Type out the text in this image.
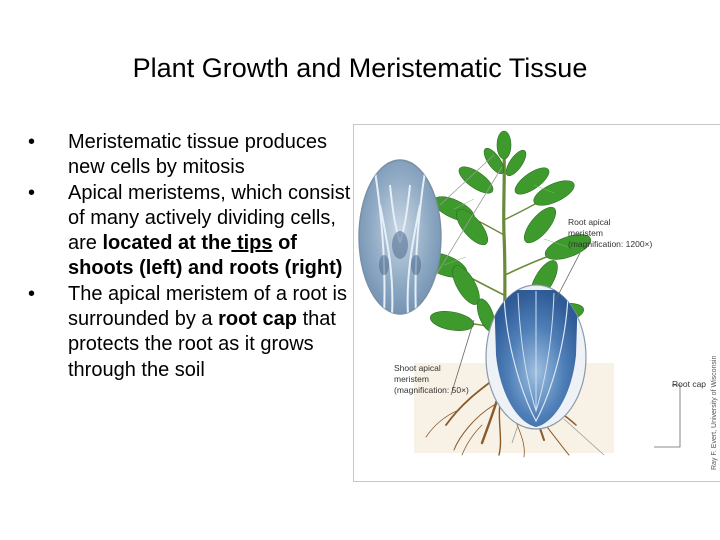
Plant Growth and Meristematic Tissue
• Meristematic tissue produces new cells by mitosis
• Apical meristems, which consist of many actively dividing cells, are located at the tips of shoots (left) and roots (right)
• The apical meristem of a root is surrounded by a root cap that protects the root as it grows through the soil
Root apical
meristem
(magnification: 1200×)
Shoot apical
meristem
(magnification: 50×)
Root cap Ray F. Evert, University of Wisconsin
